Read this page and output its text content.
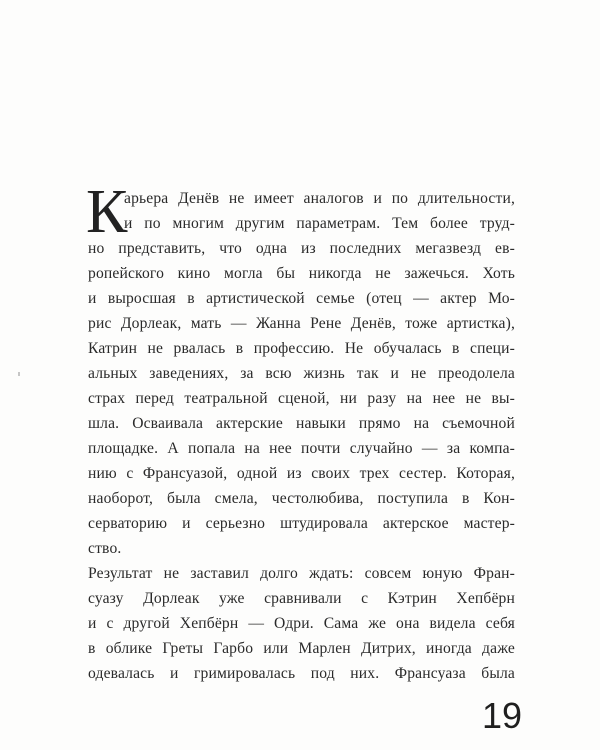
К
арьера Денёв не имеет аналогов и по длительности,
и по многим другим параметрам. Тем более труд-
но представить, что одна из последних мегазвезд ев-
ропейского кино могла бы никогда не зажечься. Хоть
и выросшая в артистической семье (отец — актер Мо-
рис Дорлеак, мать — Жанна Рене Денёв, тоже артистка),
Катрин не рвалась в профессию. Не обучалась в специ-
альных заведениях, за всю жизнь так и не преодолела
страх перед театральной сценой, ни разу на нее не вы-
шла. Осваивала актерские навыки прямо на съемочной
площадке. А попала на нее почти случайно — за компа-
нию с Франсуазой, одной из своих трех сестер. Которая,
наоборот, была смела, честолюбива, поступила в Кон-
серваторию и серьезно штудировала актерское мастер-
ство.
Результат не заставил долго ждать: совсем юную Фран-
суазу Дорлеак уже сравнивали с Кэтрин Хепбёрн
и с другой Хепбёрн — Одри. Сама же она видела себя
в облике Греты Гарбо или Марлен Дитрих, иногда даже
одевалась и гримировалась под них. Франсуаза была
19
